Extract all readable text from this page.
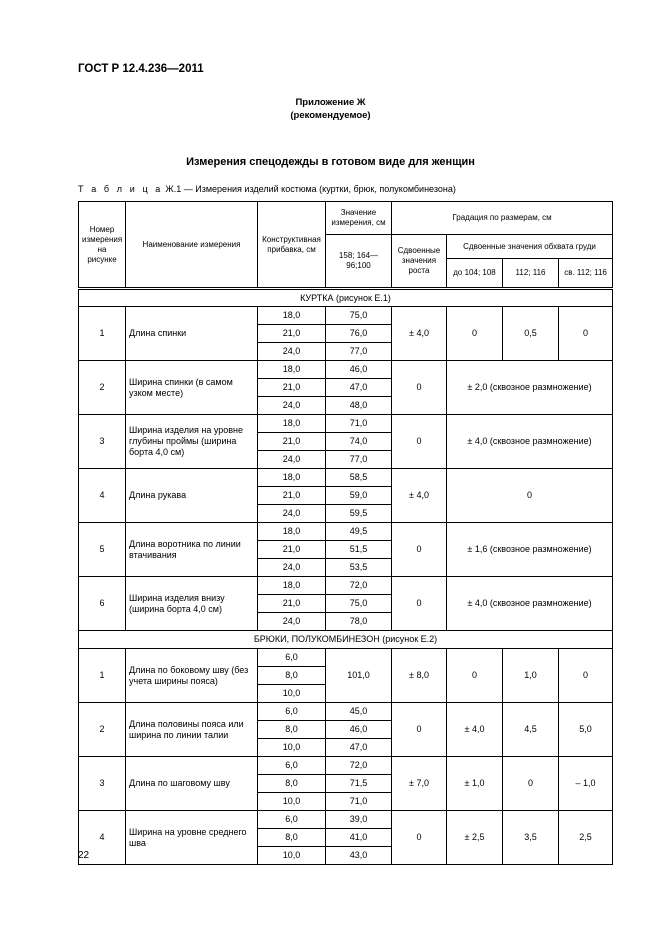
ГОСТ Р 12.4.236—2011
Приложение Ж
(рекомендуемое)
Измерения спецодежды в готовом виде для женщин
Т а б л и ц а Ж.1 — Измерения изделий костюма (куртки, брюк, полукомбинезона)
Номер измерения на рисунке	Наименование измерения	Конструктивная прибавка, см	Значение измерения, см	Градация по размерам, см			
			158; 164—96;100	Сдвоенные значения роста	Сдвоенные значения обхвата груди		
					до 104; 108	112; 116	св. 112; 116
КУРТКА (рисунок Е.1)							
1	Длина спинки	18,0	75,0	± 4,0	0	0,5	0
		21,0	76,0				
		24,0	77,0				
2	Ширина спинки (в самом узком месте)	18,0	46,0	0	± 2,0 (сквозное размножение)		
		21,0	47,0				
		24,0	48,0				
3	Ширина изделия на уровне глубины проймы (ширина борта 4,0 см)	18,0	71,0	0	± 4,0 (сквозное размножение)		
		21,0	74,0				
		24,0	77,0				
4	Длина рукава	18,0	58,5	± 4,0	0		
		21,0	59,0				
		24,0	59,5				
5	Длина воротника по линии втачивания	18,0	49,5	0	± 1,6 (сквозное размножение)		
		21,0	51,5				
		24,0	53,5				
6	Ширина изделия внизу (ширина борта 4,0 см)	18,0	72,0	0	± 4,0 (сквозное размножение)		
		21,0	75,0				
		24,0	78,0				
БРЮКИ, ПОЛУКОМБИНЕЗОН (рисунок Е.2)							
1	Длина по боковому шву (без учета ширины пояса)	6,0	101,0	± 8,0	0	1,0	0
		8,0					
		10,0					
2	Длина половины пояса или ширина по линии талии	6,0	45,0	0	± 4,0	4,5	5,0
		8,0	46,0				
		10,0	47,0				
3	Длина по шаговому шву	6,0	72,0	± 7,0	± 1,0	0	– 1,0
		8,0	71,5				
		10,0	71,0				
4	Ширина на уровне среднего шва	6,0	39,0	0	± 2,5	3,5	2,5
		8,0	41,0				
		10,0	43,0				
22
